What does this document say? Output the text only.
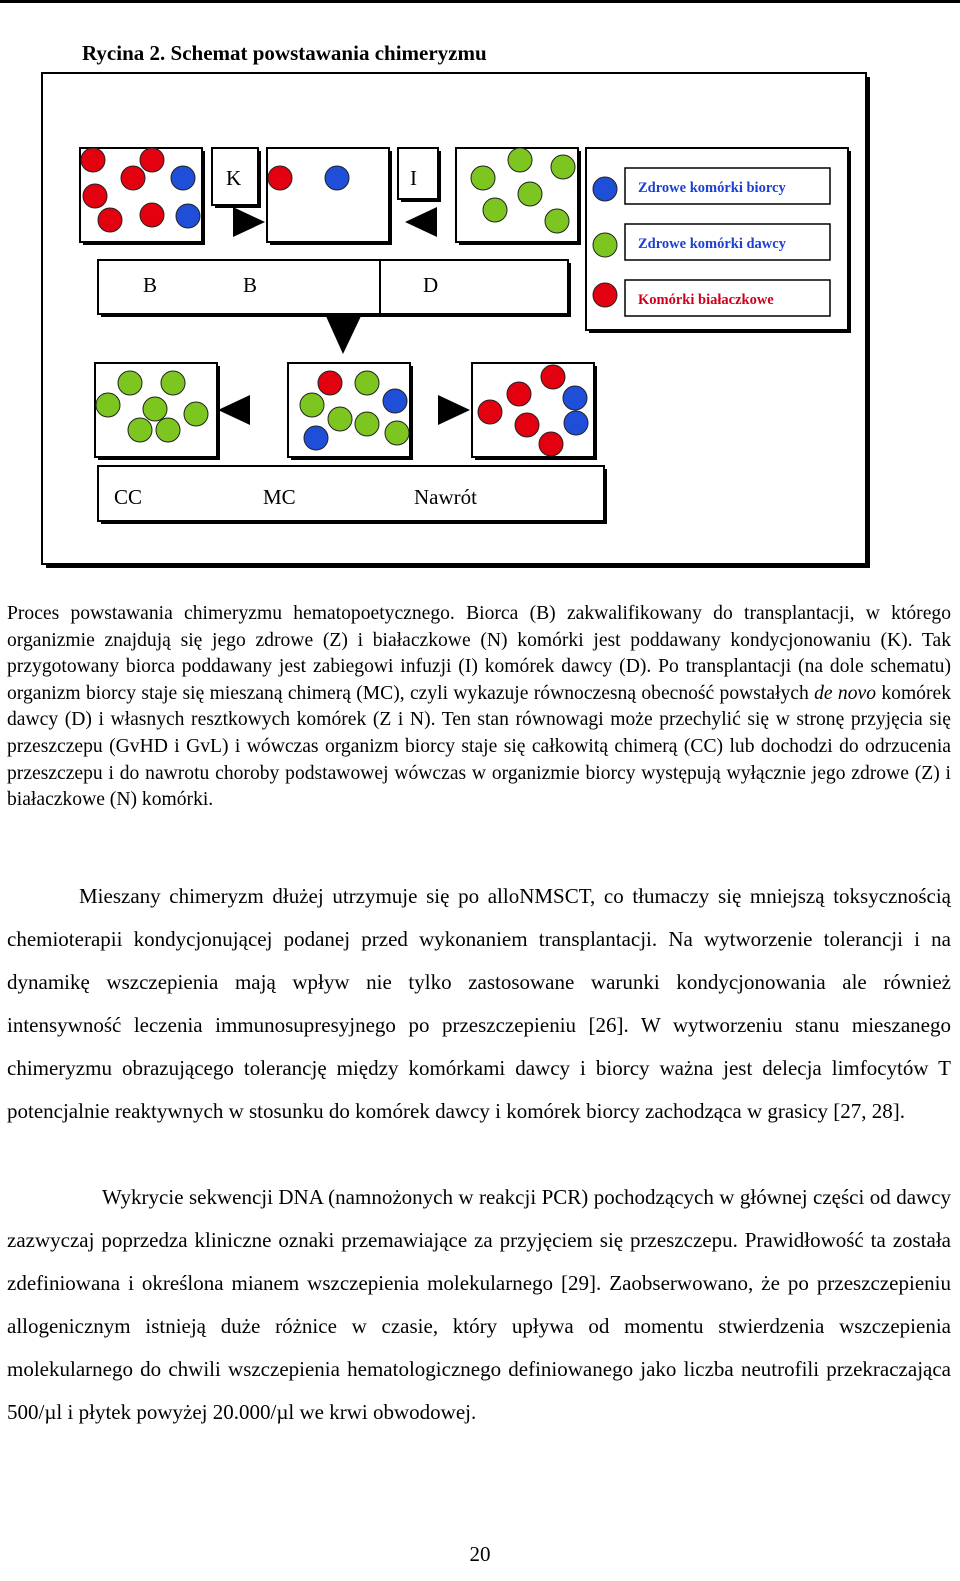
Rycina 2. Schemat powstawania chimeryzmu
K	I
B	B	D
CC	MC	Nawrót
Zdrowe komórki biorcy
Zdrowe komórki dawcy
Komórki białaczkowe

Proces powstawania chimeryzmu hematopoetycznego. Biorca (B) zakwalifikowany do transplantacji, w którego organizmie znajdują się jego zdrowe (Z) i białaczkowe (N) komórki jest poddawany kondycjonowaniu (K). Tak przygotowany biorca poddawany jest zabiegowi infuzji (I) komórek dawcy (D). Po transplantacji (na dole schematu) organizm biorcy staje się mieszaną chimerą (MC), czyli wykazuje równoczesną obecność powstałych de novo komórek dawcy (D) i własnych resztkowych komórek (Z i N). Ten stan równowagi może przechylić się w stronę przyjęcia się przeszczepu (GvHD i GvL) i wówczas organizm biorcy staje się całkowitą chimerą (CC) lub dochodzi do odrzucenia przeszczepu i do nawrotu choroby podstawowej wówczas w organizmie biorcy występują wyłącznie jego zdrowe (Z) i białaczkowe (N) komórki.

Mieszany chimeryzm dłużej utrzymuje się po alloNMSCT, co tłumaczy się mniejszą toksycznością chemioterapii kondycjonującej podanej przed wykonaniem transplantacji. Na wytworzenie tolerancji i na dynamikę wszczepienia mają wpływ nie tylko zastosowane warunki kondycjonowania ale również intensywność leczenia immunosupresyjnego po przeszczepieniu [26]. W wytworzeniu stanu mieszanego chimeryzmu obrazującego tolerancję między komórkami dawcy i biorcy ważna jest delecja limfocytów T potencjalnie reaktywnych w stosunku do komórek dawcy i komórek biorcy zachodząca w grasicy [27, 28].

Wykrycie sekwencji DNA (namnożonych w reakcji PCR) pochodzących w głównej części od dawcy zazwyczaj poprzedza kliniczne oznaki przemawiające za przyjęciem się przeszczepu. Prawidłowość ta została zdefiniowana i określona mianem wszczepienia molekularnego [29]. Zaobserwowano, że po przeszczepieniu allogenicznym istnieją duże różnice w czasie, który upływa od momentu stwierdzenia wszczepienia molekularnego do chwili wszczepienia hematologicznego definiowanego jako liczba neutrofili przekraczająca 500/µl i płytek powyżej 20.000/µl we krwi obwodowej.

20
